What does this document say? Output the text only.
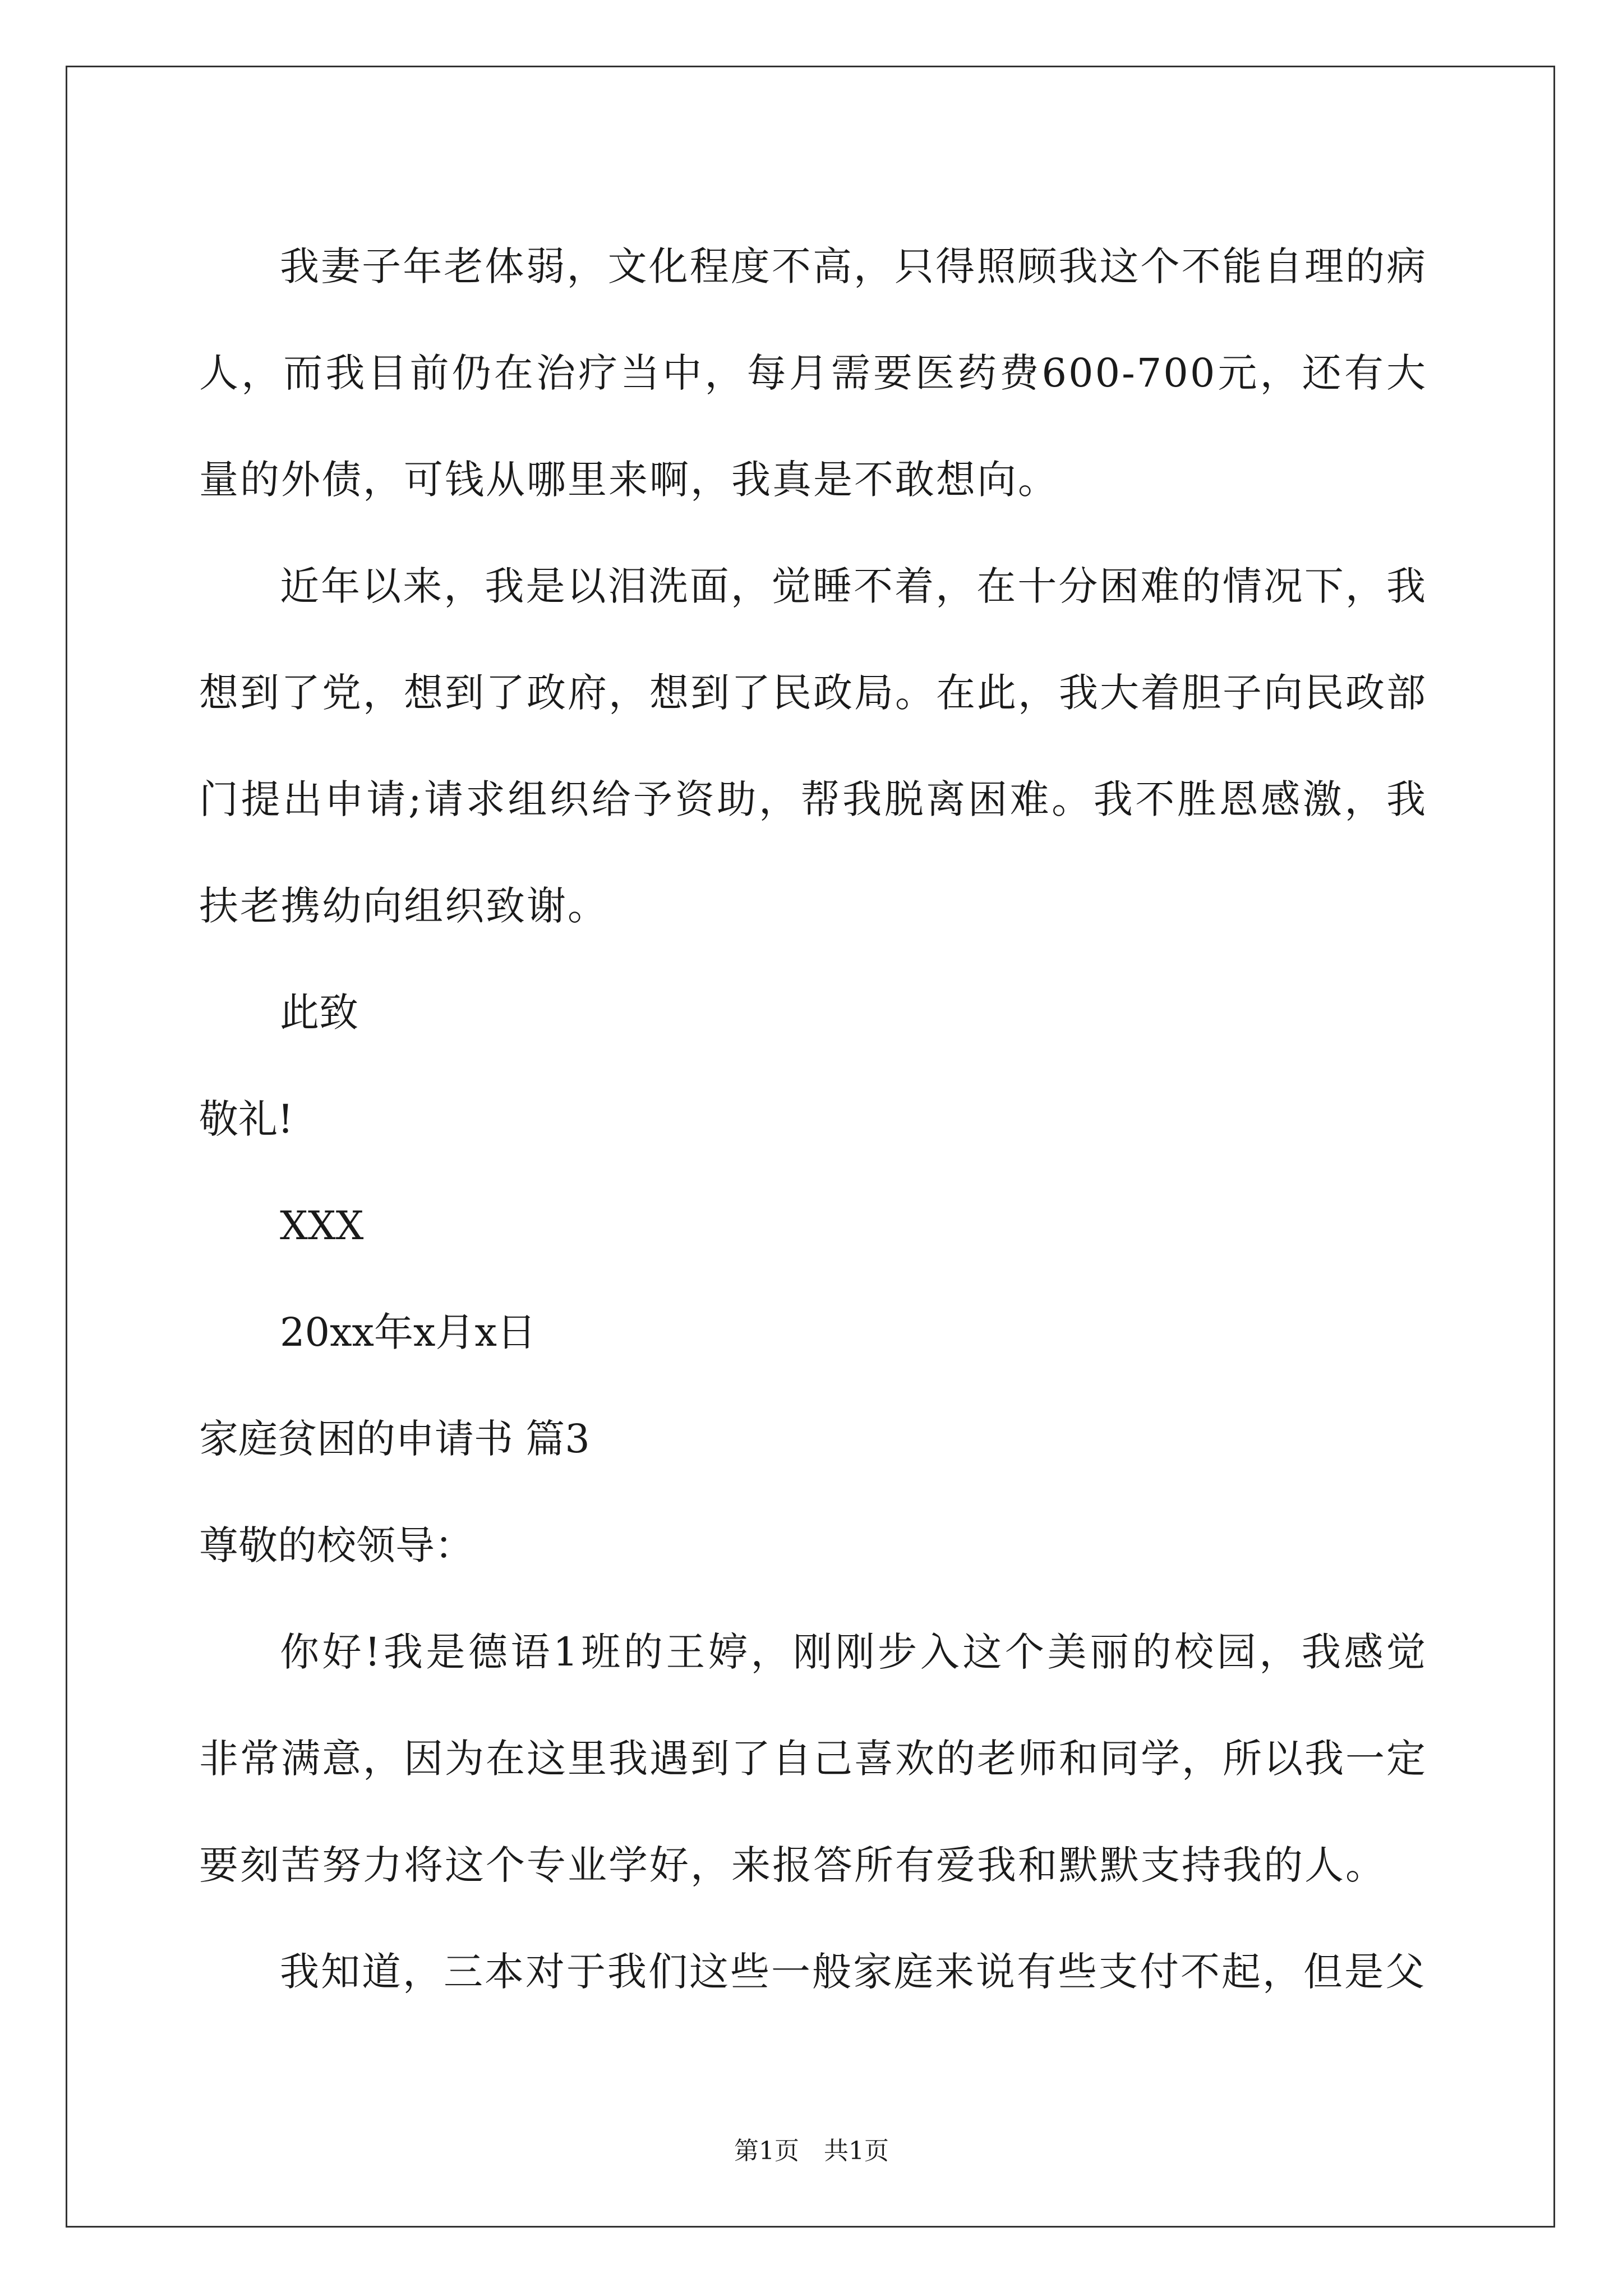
我妻子年老体弱，文化程度不高，只得照顾我这个不能自理的病人，而我目前仍在治疗当中，每月需要医药费600-700元，还有大量的外债，可钱从哪里来啊，我真是不敢想向。

近年以来，我是以泪洗面，觉睡不着，在十分困难的情况下，我想到了党，想到了政府，想到了民政局。在此，我大着胆子向民政部门提出申请;请求组织给予资助，帮我脱离困难。我不胜恩感激，我扶老携幼向组织致谢。

此致

敬礼!

XXX

20xx年x月x日

家庭贫困的申请书 篇3

尊敬的校领导：

你好!我是德语1班的王婷，刚刚步入这个美丽的校园，我感觉非常满意，因为在这里我遇到了自己喜欢的老师和同学，所以我一定要刻苦努力将这个专业学好，来报答所有爱我和默默支持我的人。

我知道，三本对于我们这些一般家庭来说有些支付不起，但是父

第1页　共1页
